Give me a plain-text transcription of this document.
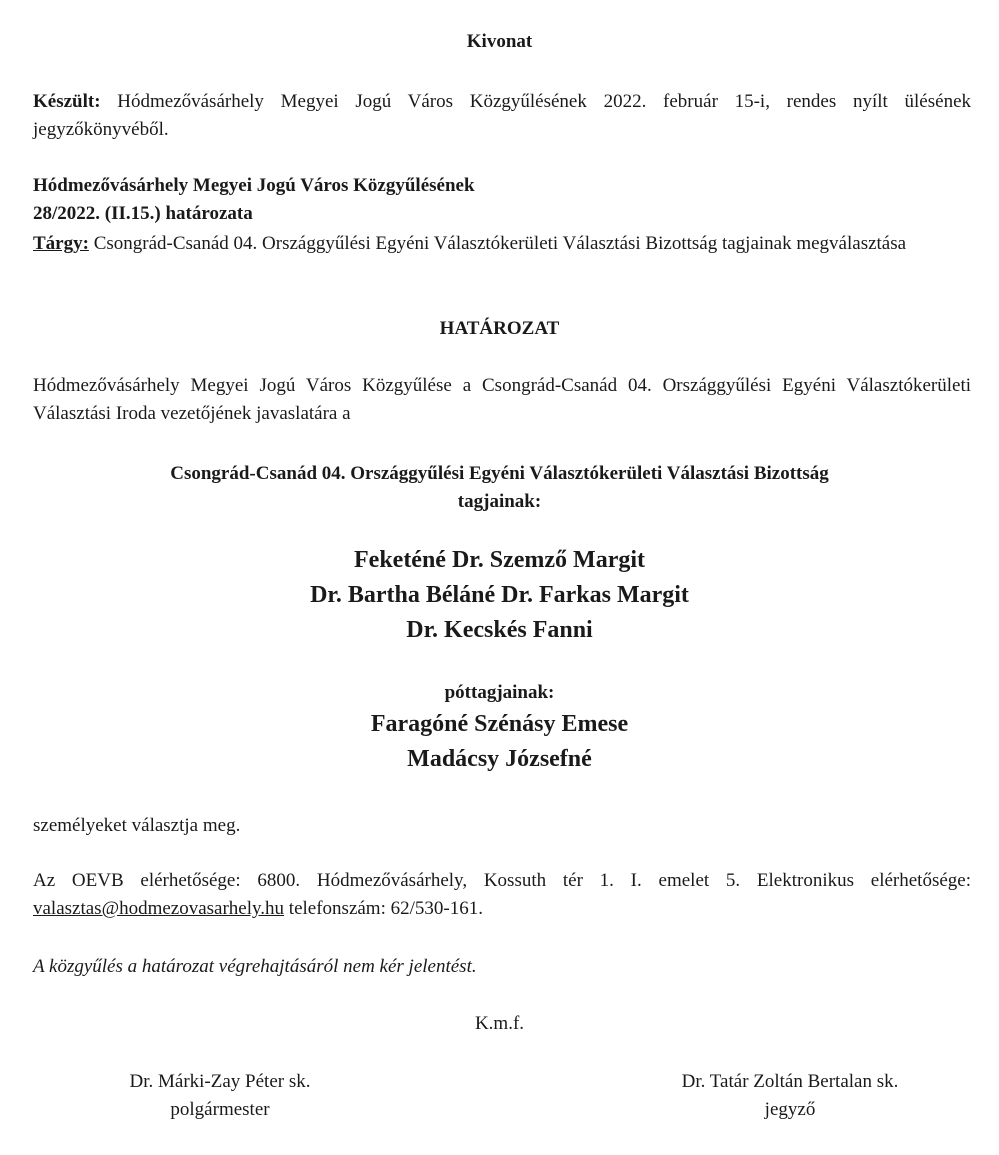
Kivonat
Készült: Hódmezővásárhely Megyei Jogú Város Közgyűlésének 2022. február 15-i, rendes nyílt ülésének jegyzőkönyvéből.
Hódmezővásárhely Megyei Jogú Város Közgyűlésének
28/2022. (II.15.) határozata
Tárgy: Csongrád-Csanád 04. Országgyűlési Egyéni Választókerületi Választási Bizottság tagjainak megválasztása
HATÁROZAT
Hódmezővásárhely Megyei Jogú Város Közgyűlése a Csongrád-Csanád 04. Országgyűlési Egyéni Választókerületi Választási Iroda vezetőjének javaslatára a
Csongrád-Csanád 04. Országgyűlési Egyéni Választókerületi Választási Bizottság
tagjainak:
Feketéné Dr. Szemző Margit
Dr. Bartha Béláné Dr. Farkas Margit
Dr. Kecskés Fanni
póttagjainak:
Faragóné Szénásy Emese
Madácsy Józsefné
személyeket választja meg.
Az OEVB elérhetősége: 6800. Hódmezővásárhely, Kossuth tér 1. I. emelet 5. Elektronikus elérhetősége: valasztas@hodmezovasarhely.hu telefonszám: 62/530-161.
A közgyűlés a határozat végrehajtásáról nem kér jelentést.
K.m.f.
Dr. Márki-Zay Péter sk.
polgármester
Dr. Tatár Zoltán Bertalan sk.
jegyző
